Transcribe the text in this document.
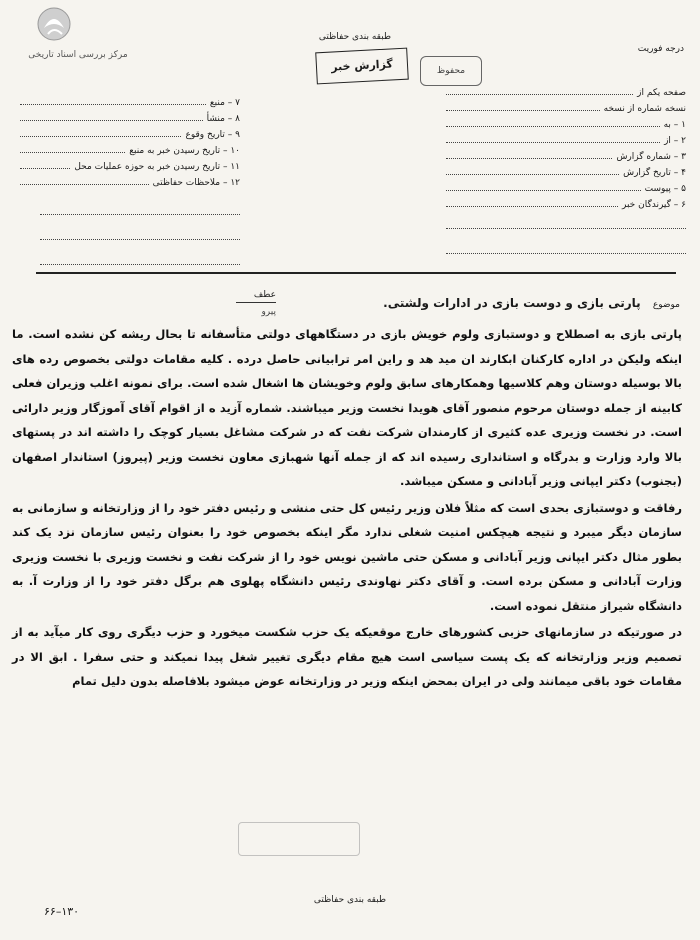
مرکز بررسی اسناد تاریخی
طبقه بندی حفاظتی
گزارش خبر	محفوظ
درجه فوریت
صفحه یکم از
نسخه شماره از نسخه
۱ – به
۲ – از
۳ – شماره گزارش
۴ – تاریخ گزارش
۵ – پیوست
۶ – گیرندگان خبر
۷ – منبع
۸ – منشأ
۹ – تاریخ وقوع
۱۰ – تاریخ رسیدن خبر به منبع
۱۱ – تاریخ رسیدن خبر به حوزه عملیات محل
۱۲ – ملاحظات حفاظتی
عطف
پیرو
موضوع پارتی بازی و دوست بازی در ادارات ولشتی.

پارتی بازی به اصطلاح و دوستبازی ولوم خویش بازی در دستگاههای دولتی متأسفانه تا بحال ریشه کن نشده است. ما اینکه ولیکن در اداره کارکنان ابکارند ان مید هد و راین امر ترابیانی حاصل درده . کلیه مقامات دولتی بخصوص رده های بالا بوسیله دوستان وهم کلاسیها وهمکارهای سابق ولوم وخویشان ها اشغال شده است. برای نمونه اغلب وزیران فعلی کابینه از جمله دوستان مرحوم منصور آقای هویدا نخست وزیر میباشند. شماره آزید ه از اقوام آقای آموزگار وزیر دارائی است. در نخست وزیری عده کثیری از کارمندان شرکت نفت که در شرکت مشاغل بسیار کوچک را داشته اند در پستهای بالا وارد وزارت و بدرگاه و استانداری رسیده اند که از جمله آنها شهبازی معاون نخست وزیر (پیروز) استاندار اصفهان (بجنوب) دکتر ایپانی وزیر آبادانی و مسکن میباشد.

رفاقت و دوستبازی بحدی است که مثلاً فلان وزیر رئیس کل حتی منشی و رئیس دفتر خود را از وزارتخانه و سازمانی به سازمان دیگر میبرد و نتیجه هیچکس امنیت شغلی ندارد مگر اینکه بخصوص خود را بعنوان رئیس سازمان نزد یک کند بطور مثال دکتر ایپانی وزیر آبادانی و مسکن حتی ماشین نویس خود را از شرکت نفت و نخست وزیری با نخست وزیری وزارت آبادانی و مسکن برده است. و آقای دکتر نهاوندی رئیس دانشگاه پهلوی هم برگل دفتر خود را از وزارت آ. به دانشگاه شیراز منتقل نموده است.

در صورتیکه در سازمانهای حزبی کشورهای خارج موقعیکه یک حزب شکست میخورد و حزب دیگری روی کار میآید به از تصمیم وزیر وزارتخانه که یک پست سیاسی است هیچ مقام دیگری تغییر شغل پیدا نمیکند و حتی سفرا . ابق الا در مقامات خود باقی میمانند ولی در ایران بمحض اینکه وزیر در وزارتخانه عوض میشود بلافاصله بدون دلیل تمام

طبقه بندی حفاظتی
۶۶–۱۳۰
